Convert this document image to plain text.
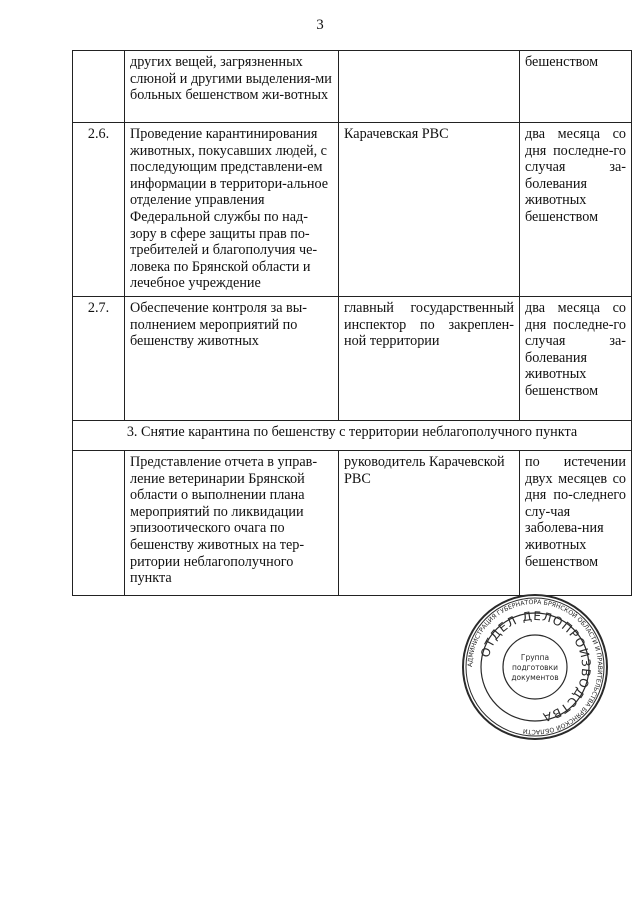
3
	других вещей, загрязненных слюной и другими выделения-ми больных бешенством жи-вотных		бешенством
2.6.	Проведение карантинирования животных, покусавших людей, с последующим представлени-ем информации в территори-альное отделение управления Федеральной службы по над-зору в сфере защиты прав по-требителей и благополучия че-ловека по Брянской области и лечебное учреждение	Карачевская РВС	два месяца со дня последне-го случая за-болевания животных бешенством
2.7.	Обеспечение контроля за вы-полнением мероприятий по бешенству животных	главный государственный инспектор по закреплен-ной территории	два месяца со дня последне-го случая за-болевания животных бешенством
3. Снятие карантина по бешенству с территории неблагополучного пункта			
	Представление отчета в управ-ление ветеринарии Брянской области о выполнении плана мероприятий по ликвидации эпизоотического очага по бешенству животных на тер-ритории неблагополучного пункта	руководитель Карачевской РВС	по истечении двух месяцев со дня по-следнего слу-чая заболева-ния животных бешенством
АДМИНИСТРАЦИЯ ГУБЕРНАТОРА БРЯНСКОЙ ОБЛАСТИ И ПРАВИТЕЛЬСТВА БРЯНСКОЙ ОБЛАСТИ
ОТДЕЛ ДЕЛОПРОИЗВОДСТВА
Группа
подготовки
документов
